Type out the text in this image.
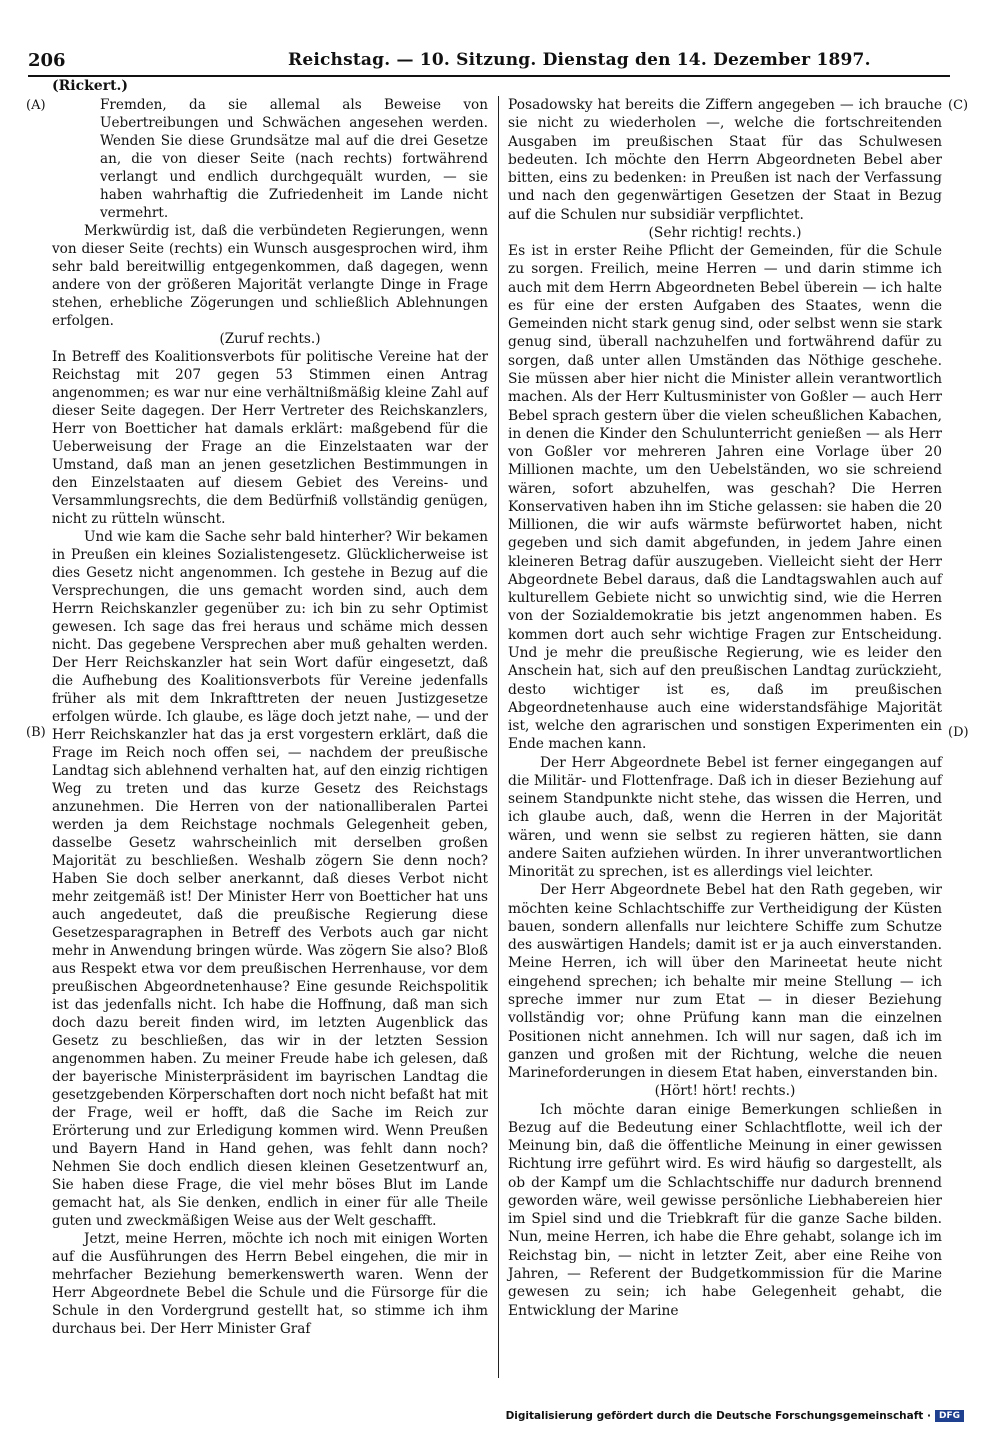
206	Reichstag. — 10. Sitzung. Dienstag den 14. Dezember 1897.
(Rickert.)
(A)
(B)
(C)
(D)

Fremden, da sie allemal als Beweise von Uebertreibungen und Schwächen angesehen werden. Wenden Sie diese Grundsätze mal auf die drei Gesetze an, die von dieser Seite (nach rechts) fortwährend verlangt und endlich durchgequält wurden, — sie haben wahrhaftig die Zufriedenheit im Lande nicht vermehrt.

Merkwürdig ist, daß die verbündeten Regierungen, wenn von dieser Seite (rechts) ein Wunsch ausgesprochen wird, ihm sehr bald bereitwillig entgegenkommen, daß dagegen, wenn andere von der größeren Majorität verlangte Dinge in Frage stehen, erhebliche Zögerungen und schließlich Ablehnungen erfolgen.

(Zuruf rechts.)

In Betreff des Koalitionsverbots für politische Vereine hat der Reichstag mit 207 gegen 53 Stimmen einen Antrag angenommen; es war nur eine verhältnißmäßig kleine Zahl auf dieser Seite dagegen. Der Herr Vertreter des Reichskanzlers, Herr von Boetticher hat damals erklärt: maßgebend für die Ueberweisung der Frage an die Einzelstaaten war der Umstand, daß man an jenen gesetzlichen Bestimmungen in den Einzelstaaten auf diesem Gebiet des Vereins- und Versammlungsrechts, die dem Bedürfniß vollständig genügen, nicht zu rütteln wünscht.

Und wie kam die Sache sehr bald hinterher? Wir bekamen in Preußen ein kleines Sozialistengesetz. Glücklicherweise ist dies Gesetz nicht angenommen. Ich gestehe in Bezug auf die Versprechungen, die uns gemacht worden sind, auch dem Herrn Reichskanzler gegenüber zu: ich bin zu sehr Optimist gewesen. Ich sage das frei heraus und schäme mich dessen nicht. Das gegebene Versprechen aber muß gehalten werden. Der Herr Reichskanzler hat sein Wort dafür eingesetzt, daß die Aufhebung des Koalitionsverbots für Vereine jedenfalls früher als mit dem Inkrafttreten der neuen Justizgesetze erfolgen würde. Ich glaube, es läge doch jetzt nahe, — und der Herr Reichskanzler hat das ja erst vorgestern erklärt, daß die Frage im Reich noch offen sei, — nachdem der preußische Landtag sich ablehnend verhalten hat, auf den einzig richtigen Weg zu treten und das kurze Gesetz des Reichstags anzunehmen. Die Herren von der nationalliberalen Partei werden ja dem Reichstage nochmals Gelegenheit geben, dasselbe Gesetz wahrscheinlich mit derselben großen Majorität zu beschließen. Weshalb zögern Sie denn noch? Haben Sie doch selber anerkannt, daß dieses Verbot nicht mehr zeitgemäß ist! Der Minister Herr von Boetticher hat uns auch angedeutet, daß die preußische Regierung diese Gesetzesparagraphen in Betreff des Verbots auch gar nicht mehr in Anwendung bringen würde. Was zögern Sie also? Bloß aus Respekt etwa vor dem preußischen Herrenhause, vor dem preußischen Abgeordnetenhause? Eine gesunde Reichspolitik ist das jedenfalls nicht. Ich habe die Hoffnung, daß man sich doch dazu bereit finden wird, im letzten Augenblick das Gesetz zu beschließen, das wir in der letzten Session angenommen haben. Zu meiner Freude habe ich gelesen, daß der bayerische Ministerpräsident im bayrischen Landtag die gesetzgebenden Körperschaften dort noch nicht befaßt hat mit der Frage, weil er hofft, daß die Sache im Reich zur Erörterung und zur Erledigung kommen wird. Wenn Preußen und Bayern Hand in Hand gehen, was fehlt dann noch? Nehmen Sie doch endlich diesen kleinen Gesetzentwurf an, Sie haben diese Frage, die viel mehr böses Blut im Lande gemacht hat, als Sie denken, endlich in einer für alle Theile guten und zweckmäßigen Weise aus der Welt geschafft.

Jetzt, meine Herren, möchte ich noch mit einigen Worten auf die Ausführungen des Herrn Bebel eingehen, die mir in mehrfacher Beziehung bemerkenswerth waren. Wenn der Herr Abgeordnete Bebel die Schule und die Fürsorge für die Schule in den Vordergrund gestellt hat, so stimme ich ihm durchaus bei. Der Herr Minister Graf

Posadowsky hat bereits die Ziffern angegeben — ich brauche sie nicht zu wiederholen —, welche die fortschreitenden Ausgaben im preußischen Staat für das Schulwesen bedeuten. Ich möchte den Herrn Abgeordneten Bebel aber bitten, eins zu bedenken: in Preußen ist nach der Verfassung und nach den gegenwärtigen Gesetzen der Staat in Bezug auf die Schulen nur subsidiär verpflichtet.

(Sehr richtig! rechts.)

Es ist in erster Reihe Pflicht der Gemeinden, für die Schule zu sorgen. Freilich, meine Herren — und darin stimme ich auch mit dem Herrn Abgeordneten Bebel überein — ich halte es für eine der ersten Aufgaben des Staates, wenn die Gemeinden nicht stark genug sind, oder selbst wenn sie stark genug sind, überall nachzuhelfen und fortwährend dafür zu sorgen, daß unter allen Umständen das Nöthige geschehe. Sie müssen aber hier nicht die Minister allein verantwortlich machen. Als der Herr Kultusminister von Goßler — auch Herr Bebel sprach gestern über die vielen scheußlichen Kabachen, in denen die Kinder den Schulunterricht genießen — als Herr von Goßler vor mehreren Jahren eine Vorlage über 20 Millionen machte, um den Uebelständen, wo sie schreiend wären, sofort abzuhelfen, was geschah? Die Herren Konservativen haben ihn im Stiche gelassen: sie haben die 20 Millionen, die wir aufs wärmste befürwortet haben, nicht gegeben und sich damit abgefunden, in jedem Jahre einen kleineren Betrag dafür auszugeben. Vielleicht sieht der Herr Abgeordnete Bebel daraus, daß die Landtagswahlen auch auf kulturellem Gebiete nicht so unwichtig sind, wie die Herren von der Sozialdemokratie bis jetzt angenommen haben. Es kommen dort auch sehr wichtige Fragen zur Entscheidung. Und je mehr die preußische Regierung, wie es leider den Anschein hat, sich auf den preußischen Landtag zurückzieht, desto wichtiger ist es, daß im preußischen Abgeordnetenhause auch eine widerstandsfähige Majorität ist, welche den agrarischen und sonstigen Experimenten ein Ende machen kann.

Der Herr Abgeordnete Bebel ist ferner eingegangen auf die Militär- und Flottenfrage. Daß ich in dieser Beziehung auf seinem Standpunkte nicht stehe, das wissen die Herren, und ich glaube auch, daß, wenn die Herren in der Majorität wären, und wenn sie selbst zu regieren hätten, sie dann andere Saiten aufziehen würden. In ihrer unverantwortlichen Minorität zu sprechen, ist es allerdings viel leichter.

Der Herr Abgeordnete Bebel hat den Rath gegeben, wir möchten keine Schlachtschiffe zur Vertheidigung der Küsten bauen, sondern allenfalls nur leichtere Schiffe zum Schutze des auswärtigen Handels; damit ist er ja auch einverstanden. Meine Herren, ich will über den Marineetat heute nicht eingehend sprechen; ich behalte mir meine Stellung — ich spreche immer nur zum Etat — in dieser Beziehung vollständig vor; ohne Prüfung kann man die einzelnen Positionen nicht annehmen. Ich will nur sagen, daß ich im ganzen und großen mit der Richtung, welche die neuen Marineforderungen in diesem Etat haben, einverstanden bin.

(Hört! hört! rechts.)

Ich möchte daran einige Bemerkungen schließen in Bezug auf die Bedeutung einer Schlachtflotte, weil ich der Meinung bin, daß die öffentliche Meinung in einer gewissen Richtung irre geführt wird. Es wird häufig so dargestellt, als ob der Kampf um die Schlachtschiffe nur dadurch brennend geworden wäre, weil gewisse persönliche Liebhabereien hier im Spiel sind und die Triebkraft für die ganze Sache bilden. Nun, meine Herren, ich habe die Ehre gehabt, solange ich im Reichstag bin, — nicht in letzter Zeit, aber eine Reihe von Jahren, — Referent der Budgetkommission für die Marine gewesen zu sein; ich habe Gelegenheit gehabt, die Entwicklung der Marine

Digitalisierung gefördert durch die Deutsche Forschungsgemeinschaft · DFG
